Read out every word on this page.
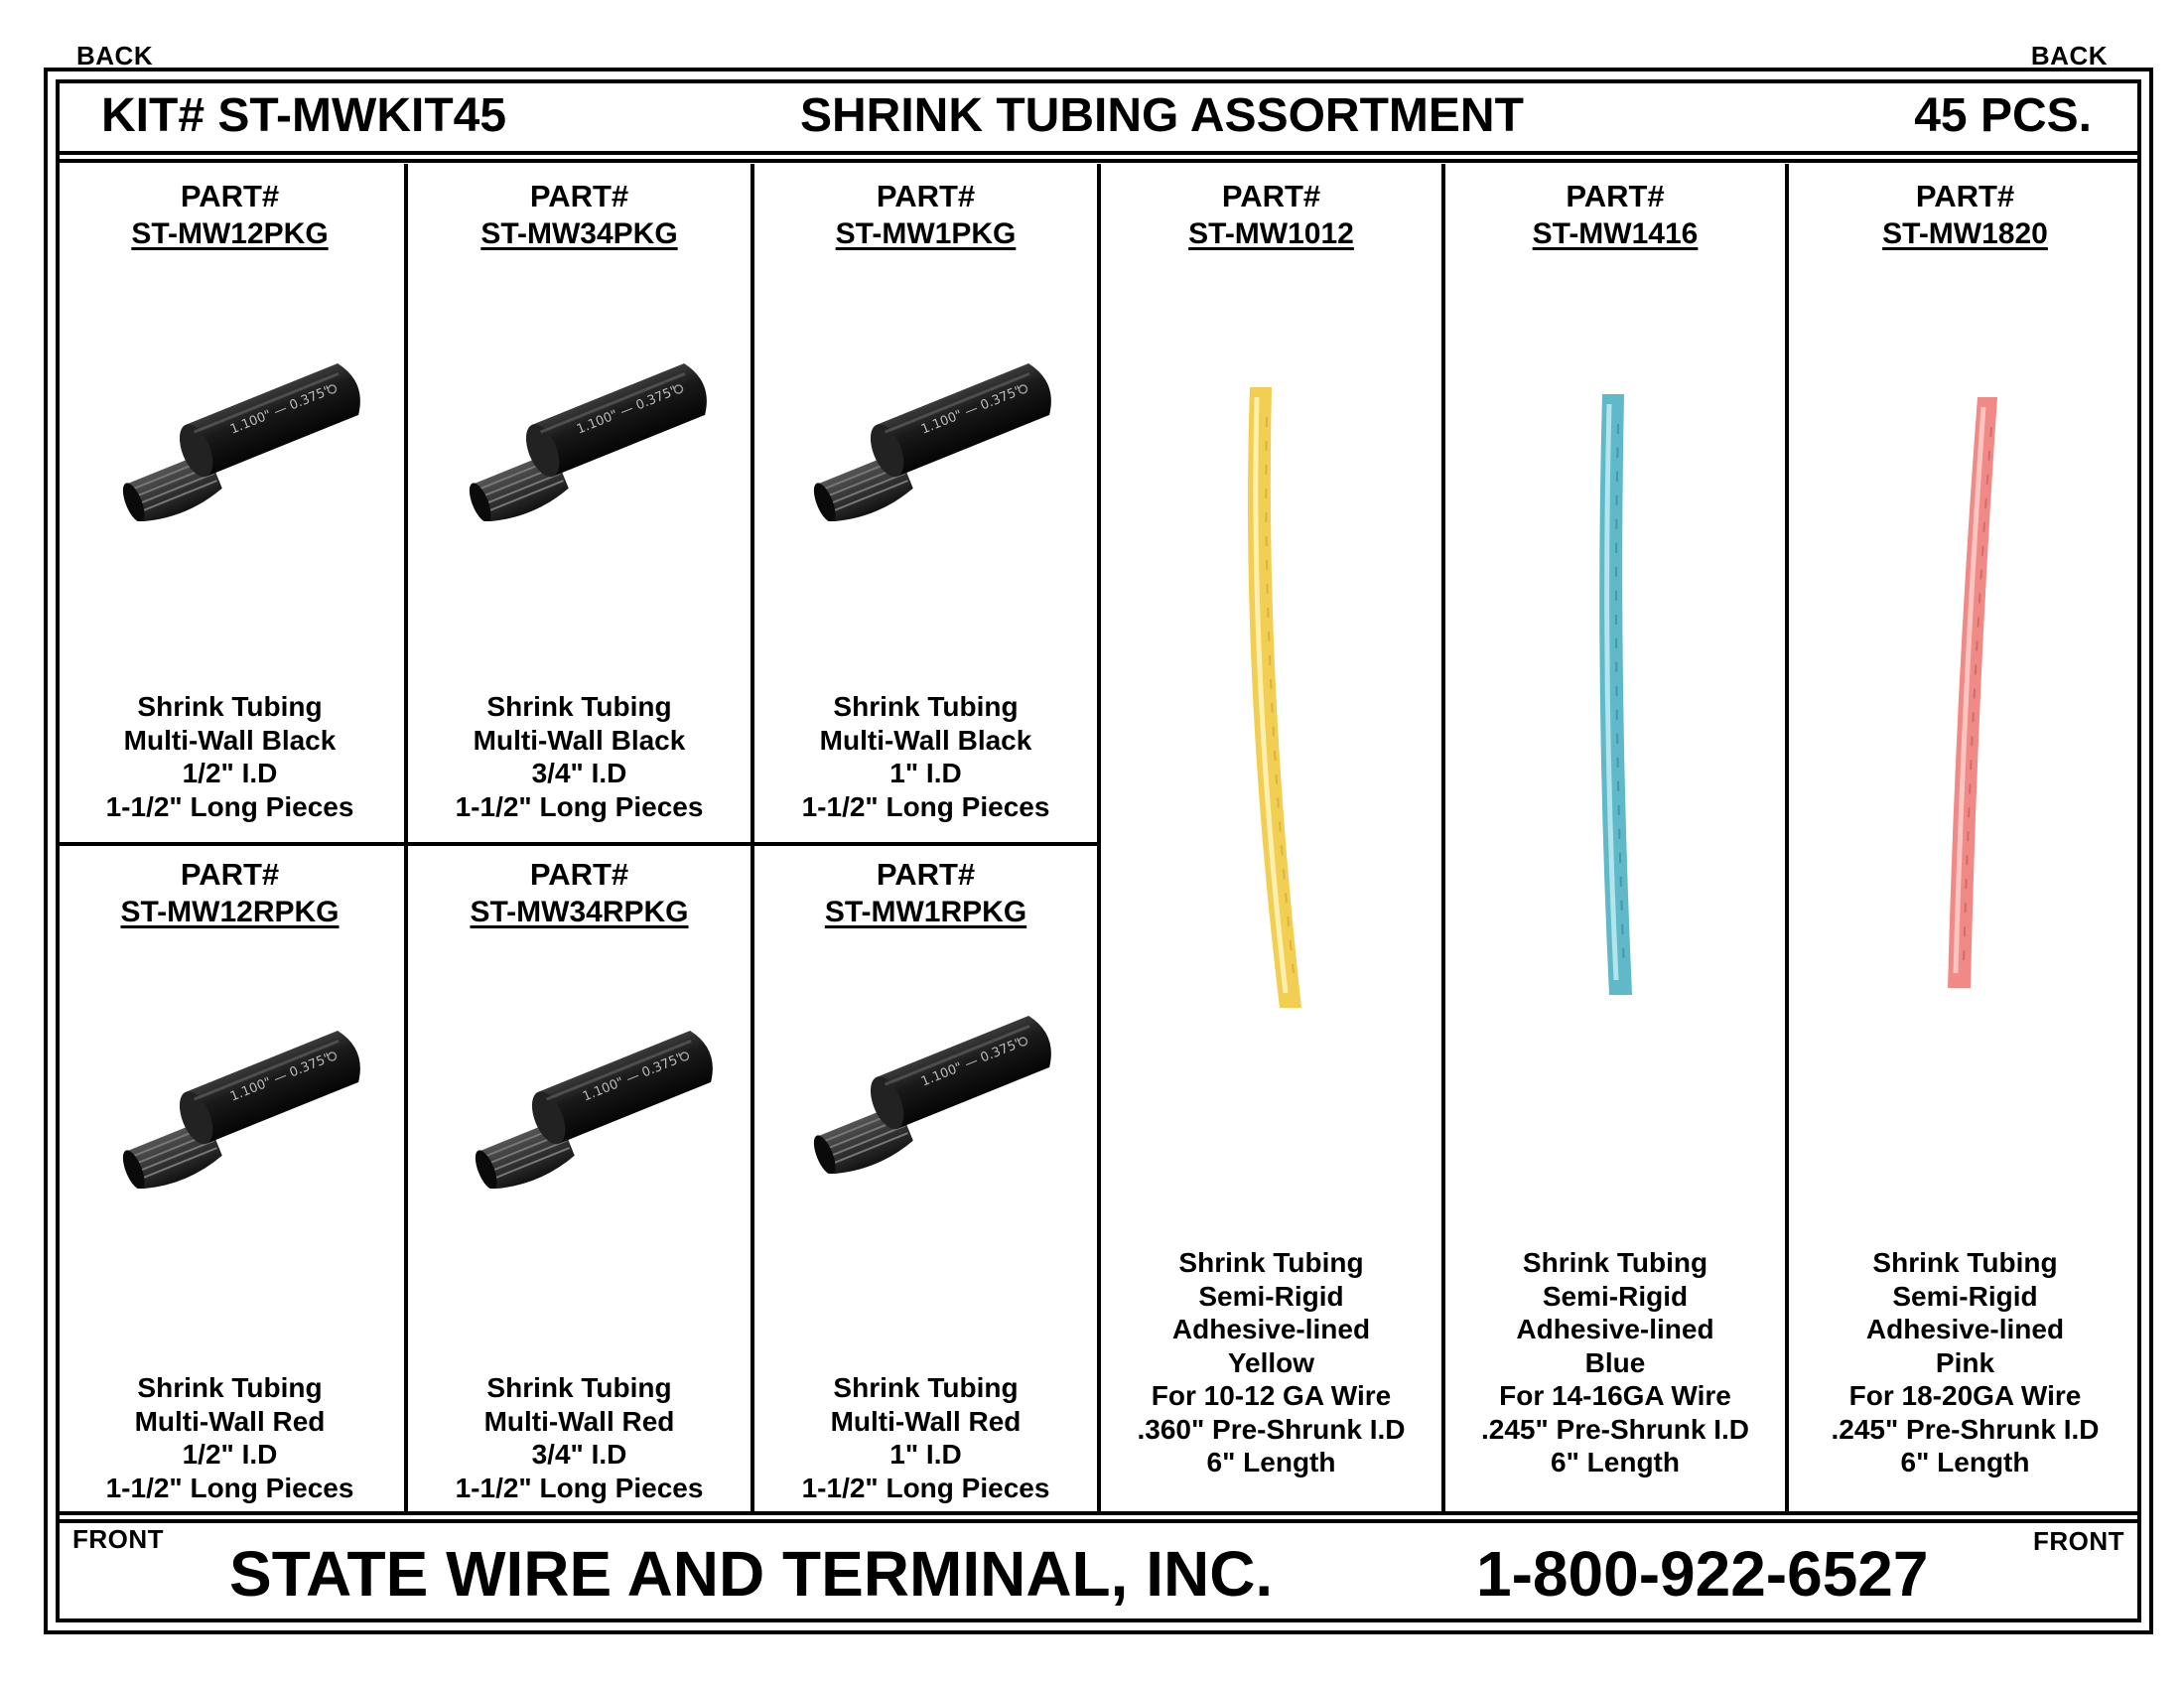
BACK	BACK
KIT# ST-MWKIT45	SHRINK TUBING ASSORTMENT	45 PCS.
PART#
ST-MW12PKG
Shrink Tubing
Multi-Wall Black
1/2" I.D
1-1/2" Long Pieces
PART#
ST-MW34PKG
Shrink Tubing
Multi-Wall Black
3/4" I.D
1-1/2" Long Pieces
PART#
ST-MW1PKG
Shrink Tubing
Multi-Wall Black
1" I.D
1-1/2" Long Pieces
PART#
ST-MW12RPKG
Shrink Tubing
Multi-Wall Red
1/2" I.D
1-1/2" Long Pieces
PART#
ST-MW34RPKG
Shrink Tubing
Multi-Wall Red
3/4" I.D
1-1/2" Long Pieces
PART#
ST-MW1RPKG
Shrink Tubing
Multi-Wall Red
1" I.D
1-1/2" Long Pieces
PART#
ST-MW1012
Shrink Tubing
Semi-Rigid
Adhesive-lined
Yellow
For 10-12 GA Wire
.360" Pre-Shrunk I.D
6" Length
PART#
ST-MW1416
Shrink Tubing
Semi-Rigid
Adhesive-lined
Blue
For 14-16GA Wire
.245" Pre-Shrunk I.D
6" Length
PART#
ST-MW1820
Shrink Tubing
Semi-Rigid
Adhesive-lined
Pink
For 18-20GA Wire
.245" Pre-Shrunk I.D
6" Length
STATE WIRE AND TERMINAL, INC.	1-800-922-6527
FRONT	FRONT
